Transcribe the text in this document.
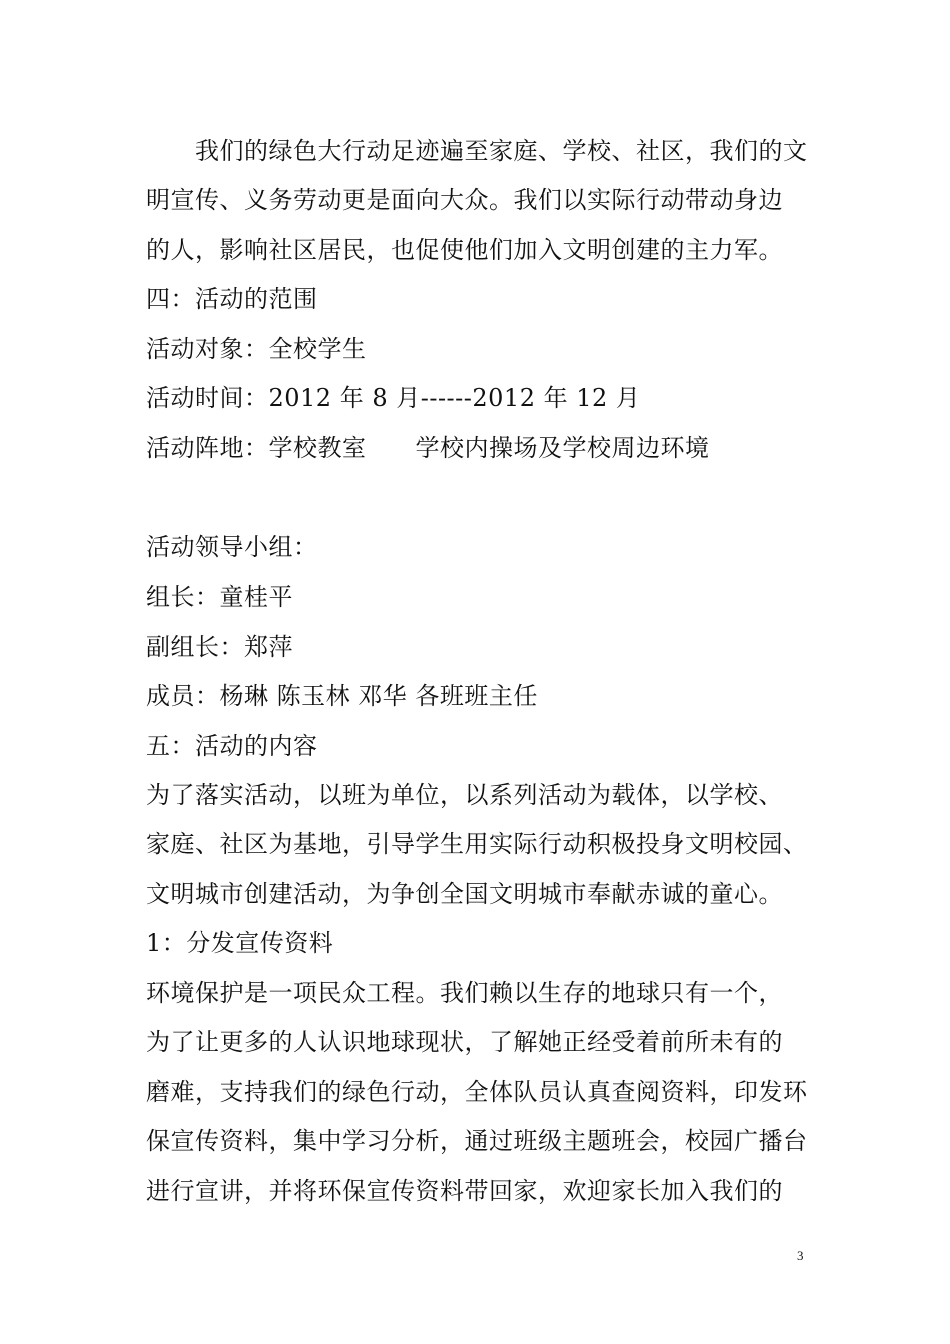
　　我们的绿色大行动足迹遍至家庭、学校、社区，我们的文
明宣传、义务劳动更是面向大众。我们以实际行动带动身边
的人，影响社区居民，也促使他们加入文明创建的主力军。
四：活动的范围
活动对象：全校学生
活动时间：2012 年 8 月------2012 年 12 月
活动阵地：学校教室　　学校内操场及学校周边环境
活动领导小组：
组长：童桂平
副组长：郑萍
成员：杨琳 陈玉林 邓华 各班班主任
五：活动的内容
为了落实活动，以班为单位，以系列活动为载体，以学校、
家庭、社区为基地，引导学生用实际行动积极投身文明校园、
文明城市创建活动，为争创全国文明城市奉献赤诚的童心。
1：分发宣传资料
环境保护是一项民众工程。我们赖以生存的地球只有一个，
为了让更多的人认识地球现状，了解她正经受着前所未有的
磨难，支持我们的绿色行动，全体队员认真查阅资料，印发环
保宣传资料，集中学习分析，通过班级主题班会，校园广播台
进行宣讲，并将环保宣传资料带回家，欢迎家长加入我们的
3
